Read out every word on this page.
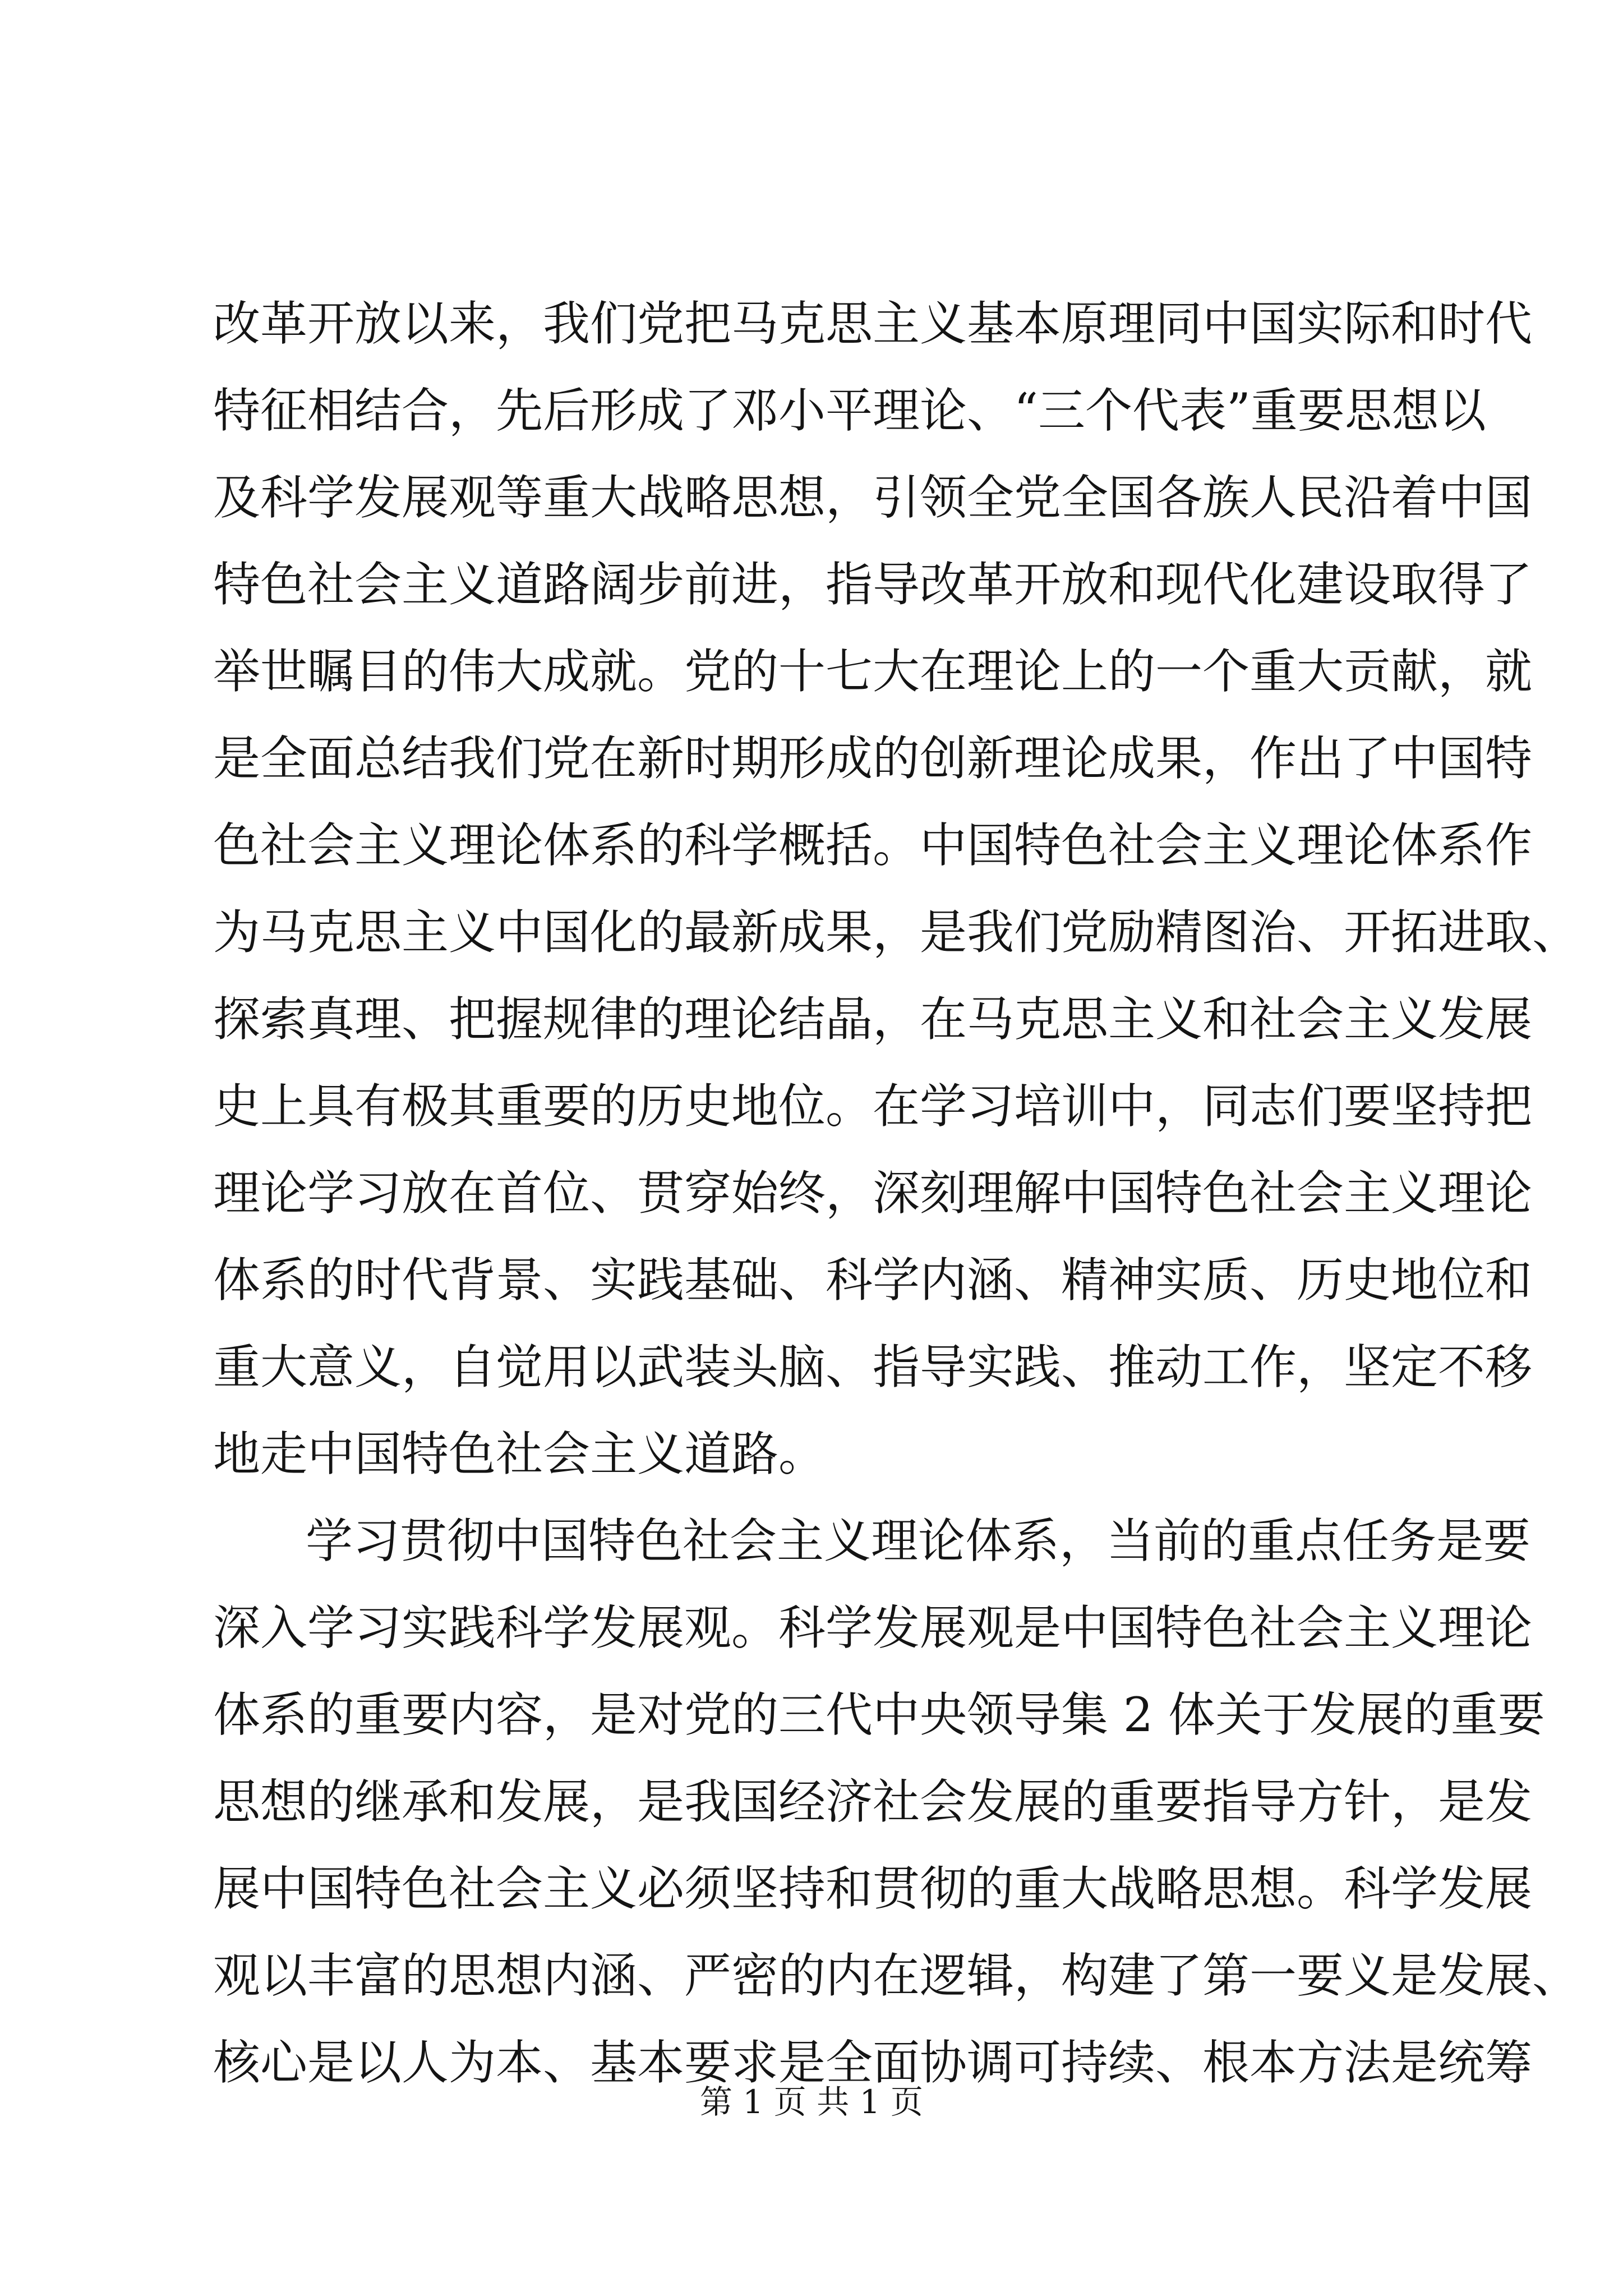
改革开放以来，我们党把马克思主义基本原理同中国实际和时代
特征相结合，先后形成了邓小平理论、“三个代表”重要思想以
及科学发展观等重大战略思想，引领全党全国各族人民沿着中国
特色社会主义道路阔步前进，指导改革开放和现代化建设取得了
举世瞩目的伟大成就。党的十七大在理论上的一个重大贡献，就
是全面总结我们党在新时期形成的创新理论成果，作出了中国特
色社会主义理论体系的科学概括。中国特色社会主义理论体系作
为马克思主义中国化的最新成果，是我们党励精图治、开拓进取、
探索真理、把握规律的理论结晶，在马克思主义和社会主义发展
史上具有极其重要的历史地位。在学习培训中，同志们要坚持把
理论学习放在首位、贯穿始终，深刻理解中国特色社会主义理论
体系的时代背景、实践基础、科学内涵、精神实质、历史地位和
重大意义，自觉用以武装头脑、指导实践、推动工作，坚定不移
地走中国特色社会主义道路。
学习贯彻中国特色社会主义理论体系，当前的重点任务是要
深入学习实践科学发展观。科学发展观是中国特色社会主义理论
体系的重要内容，是对党的三代中央领导集 2 体关于发展的重要
思想的继承和发展，是我国经济社会发展的重要指导方针，是发
展中国特色社会主义必须坚持和贯彻的重大战略思想。科学发展
观以丰富的思想内涵、严密的内在逻辑，构建了第一要义是发展、
核心是以人为本、基本要求是全面协调可持续、根本方法是统筹
第 1 页 共 1 页
